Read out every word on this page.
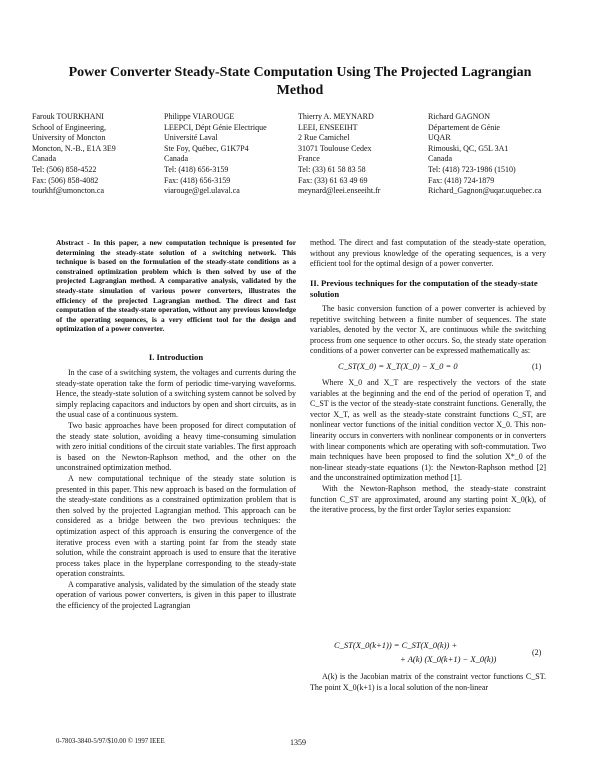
Power Converter Steady-State Computation Using The Projected Lagrangian Method
Farouk TOURKHANI
School of Engineering,
University of Moncton
Moncton, N.-B., E1A 3E9
Canada
Tel: (506) 858-4522
Fax: (506) 858-4082
tourkhf@umoncton.ca
Philippe VIAROUGE
LEEPCI, Dépt Génie Electrique
Université Laval
Ste Foy, Québec, G1K7P4
Canada
Tel: (418) 656-3159
Fax: (418) 656-3159
viarouge@gel.ulaval.ca
Thierry A. MEYNARD
LEEI, ENSEEIHT
2 Rue Camichel
31071 Toulouse Cedex
France
Tel: (33) 61 58 83 58
Fax: (33) 61 63 49 69
meynard@leei.enseeiht.fr
Richard GAGNON
Département de Génie
UQAR
Rimouski, QC, G5L 3A1
Canada
Tel: (418) 723-1986 (1510)
Fax: (418) 724-1879
Richard_Gagnon@uqar.uquebec.ca
Abstract - In this paper, a new computation technique is presented for determining the steady-state solution of a switching network. This technique is based on the formulation of the steady-state conditions as a constrained optimization problem which is then solved by use of the projected Lagrangian method. A comparative analysis, validated by the steady-state simulation of various power converters, illustrates the efficiency of the projected Lagrangian method. The direct and fast computation of the steady-state operation, without any previous knowledge of the operating sequences, is a very efficient tool for the design and optimization of a power converter.
I. Introduction

In the case of a switching system, the voltages and currents during the steady-state operation take the form of periodic time-varying waveforms. Hence, the steady-state solution of a switching system cannot be solved by simply replacing capacitors and inductors by open and short circuits, as in the usual case of a continuous system.

Two basic approaches have been proposed for direct computation of the steady state solution, avoiding a heavy time-consuming simulation with zero initial conditions of the circuit state variables. The first approach is based on the Newton-Raphson method, and the other on the unconstrained optimization method.

A new computational technique of the steady state solution is presented in this paper. This new approach is based on the formulation of the steady-state conditions as a constrained optimization problem that is then solved by the projected Lagrangian method. This approach can be considered as a bridge between the two previous techniques: the optimization aspect of this approach is ensuring the convergence of the iterative process even with a starting point far from the steady state solution, while the constraint approach is used to ensure that the iterative process takes place in the hyperplane corresponding to the steady-state operation constraints.

A comparative analysis, validated by the simulation of the steady state operation of various power converters, is given in this paper to illustrate the efficiency of the projected Lagrangian

method. The direct and fast computation of the steady-state operation, without any previous knowledge of the operating sequences, is a very efficient tool for the optimal design of a power converter.

II. Previous techniques for the computation of the steady-state solution

The basic conversion function of a power converter is achieved by repetitive switching between a finite number of sequences. The state variables, denoted by the vector X, are continuous while the switching process from one sequence to other occurs. So, the steady state operation conditions of a power converter can be expressed mathematically as:

C_ST(X_0) = X_T(X_0) − X_0 = 0	(1)

Where X_0 and X_T are respectively the vectors of the state variables at the beginning and the end of the period of operation T, and C_ST is the vector of the steady-state constraint functions. Generally, the vector X_T, as well as the steady-state constraint functions C_ST, are nonlinear vector functions of the initial condition vector X_0. This non-linearity occurs in converters with nonlinear components or in converters with linear components which are operating with soft-commutation. Two main techniques have been proposed to find the solution X*_0 of the non-linear steady-state equations (1): the Newton-Raphson method [2] and the unconstrained optimization method [1].

With the Newton-Raphson method, the steady-state constraint function C_ST are approximated, around any starting point X_0(k), of the iterative process, by the first order Taylor series expansion:

C_ST(X_0(k+1)) = C_ST(X_0(k)) +
+ A(k) (X_0(k+1) − X_0(k))
(2)

A(k) is the Jacobian matrix of the constraint vector functions C_ST. The point X_0(k+1) is a local solution of the non-linear

0-7803-3840-5/97/$10.00 © 1997 IEEE	1359
